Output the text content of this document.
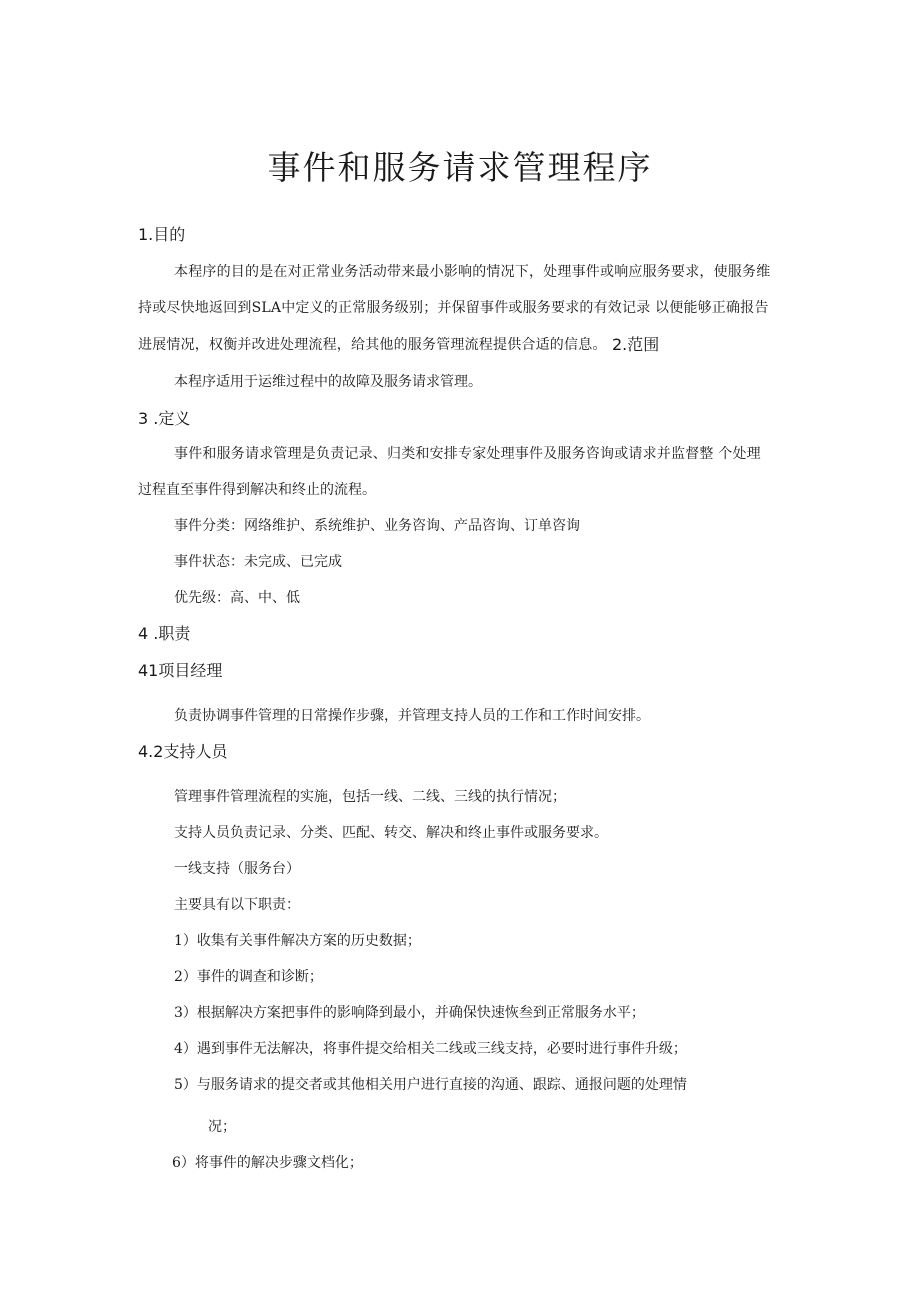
事件和服务请求管理程序
1.目的
本程序的目的是在对正常业务活动带来最小影响的情况下，处理事件或响应服务要求，使服务维
持或尽快地返回到SLA中定义的正常服务级别；并保留事件或服务要求的有效记录 以便能够正确报告
进展情况，权衡并改进处理流程，给其他的服务管理流程提供合适的信息。 2.范围
本程序适用于运维过程中的故障及服务请求管理。
3 .定义
事件和服务请求管理是负责记录、归类和安排专家处理事件及服务咨询或请求并监督整 个处理
过程直至事件得到解决和终止的流程。
事件分类：网络维护、系统维护、业务咨询、产品咨询、订单咨询
事件状态：未完成、已完成
优先级：高、中、低
4 .职责
41项目经理
负责协调事件管理的日常操作步骤，并管理支持人员的工作和工作时间安排。
4.2支持人员
管理事件管理流程的实施，包括一线、二线、三线的执行情况；
支持人员负责记录、分类、匹配、转交、解决和终止事件或服务要求。
一线支持（服务台）
主要具有以下职责：
1）收集有关事件解决方案的历史数据；
2）事件的调查和诊断；
3）根据解决方案把事件的影响降到最小，并确保快速恢叁到正常服务水平；
4）遇到事件无法解决，将事件提交给相关二线或三线支持，必要时进行事件升级；
5）与服务请求的提交者或其他相关用户进行直接的沟通、跟踪、通报问题的处理情
况；
6）将事件的解决步骤文档化；
